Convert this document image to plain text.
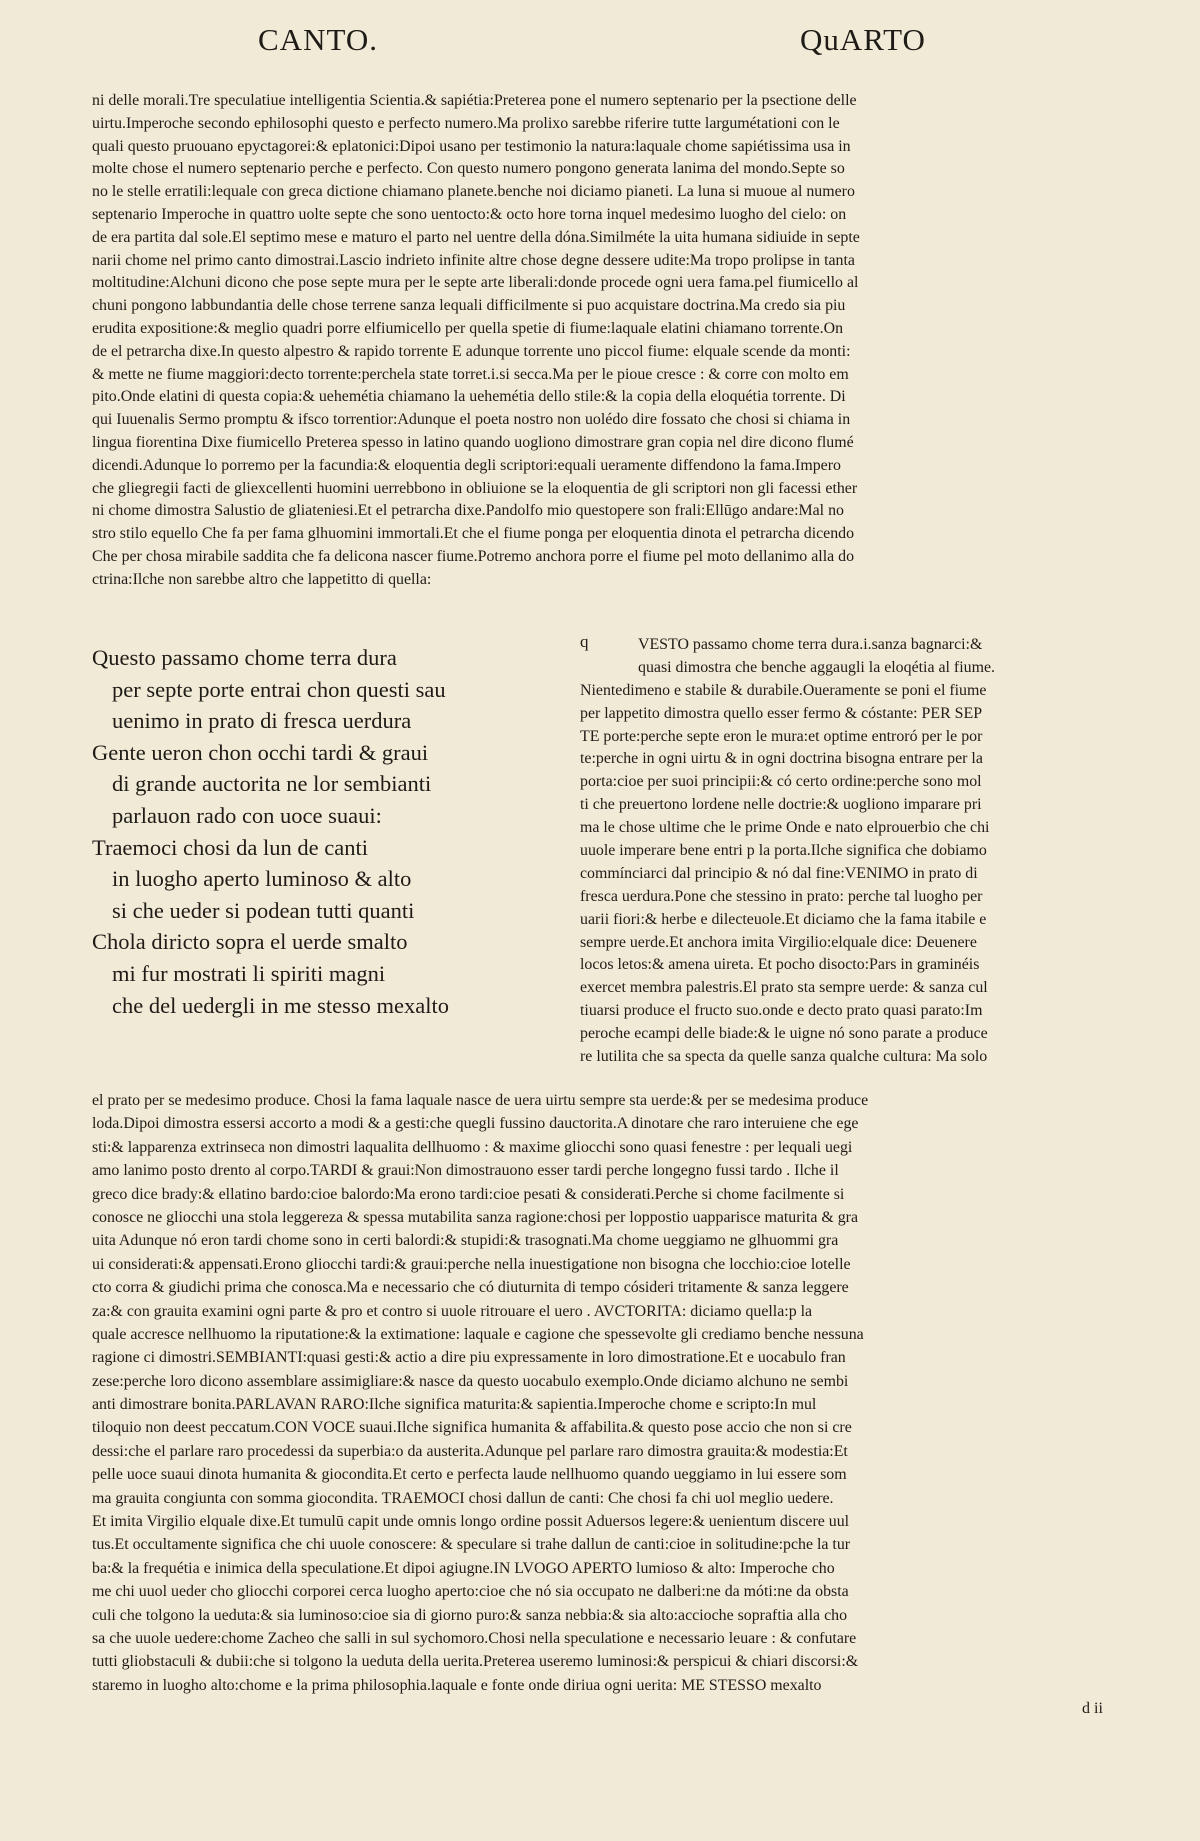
CANTO.	QuARTO
ni delle morali.Tre speculatiue intelligentia Scientia.& sapiétia:Preterea pone el numero septenario per la psectione delle
uirtu.Imperoche secondo ephilosophi questo e perfecto numero.Ma prolixo sarebbe riferire tutte largumétationi con le
quali questo pruouano epyctagorei:& eplatonici:Dipoi usano per testimonio la natura:laquale chome sapiétissima usa in
molte chose el numero septenario perche e perfecto. Con questo numero pongono generata lanima del mondo.Septe so
no le stelle erratili:lequale con greca dictione chiamano planete.benche noi diciamo pianeti. La luna si muoue al numero
septenario Imperoche in quattro uolte septe che sono uentocto:& octo hore torna inquel medesimo luogho del cielo: on
de era partita dal sole.El septimo mese e maturo el parto nel uentre della dóna.Similméte la uita humana sidiuide in septe
narii chome nel primo canto dimostrai.Lascio indrieto infinite altre chose degne dessere udite:Ma tropo prolipse in tanta
moltitudine:Alchuni dicono che pose septe mura per le septe arte liberali:donde procede ogni uera fama.pel fiumicello al
chuni pongono labbundantia delle chose terrene sanza lequali difficilmente si puo acquistare doctrina.Ma credo sia piu
erudita expositione:& meglio quadri porre elfiumicello per quella spetie di fiume:laquale elatini chiamano torrente.On
de el petrarcha dixe.In questo alpestro & rapido torrente E adunque torrente uno piccol fiume: elquale scende da monti:
& mette ne fiume maggiori:decto torrente:perchela state torret.i.si secca.Ma per le pioue cresce : & corre con molto em
pito.Onde elatini di questa copia:& uehemétia chiamano la uehemétia dello stile:& la copia della eloquétia torrente. Di
qui Iuuenalis Sermo promptu & ifsco torrentior:Adunque el poeta nostro non uolédo dire fossato che chosi si chiama in
lingua fiorentina Dixe fiumicello Preterea spesso in latino quando uogliono dimostrare gran copia nel dire dicono flumé
dicendi.Adunque lo porremo per la facundia:& eloquentia degli scriptori:equali ueramente diffendono la fama.Impero
che gliegregii facti de gliexcellenti huomini uerrebbono in obliuione se la eloquentia de gli scriptori non gli facessi ether
ni chome dimostra Salustio de gliateniesi.Et el petrarcha dixe.Pandolfo mio questopere son frali:Ellūgo andare:Mal no
stro stilo equello Che fa per fama glhuomini immortali.Et che el fiume ponga per eloquentia dinota el petrarcha dicendo
Che per chosa mirabile saddita che fa delicona nascer fiume.Potremo anchora porre el fiume pel moto dellanimo alla do
ctrina:Ilche non sarebbe altro che lappetitto di quella:
Questo passamo chome terra dura
per septe porte entrai chon questi sau
uenimo in prato di fresca uerdura
Gente ueron chon occhi tardi & graui
di grande auctorita ne lor sembianti
parlauon rado con uoce suaui:
Traemoci chosi da lun de canti
in luogho aperto luminoso & alto
si che ueder si podean tutti quanti
Chola diricto sopra el uerde smalto
mi fur mostrati li spiriti magni
che del uedergli in me stesso mexalto
q	VESTO passamo chome terra dura.i.sanza bagnarci:&
quasi dimostra che benche aggaugli la eloqétia al fiume.
Nientedimeno e stabile & durabile.Oueramente se poni el fiume
per lappetito dimostra quello esser fermo & cóstante: PER SEP
TE porte:perche septe eron le mura:et optime entroró per le por
te:perche in ogni uirtu & in ogni doctrina bisogna entrare per la
porta:cioe per suoi principii:& có certo ordine:perche sono mol
ti che preuertono lordene nelle doctrie:& uogliono imparare pri
ma le chose ultime che le prime Onde e nato elprouerbio che chi
uuole imperare bene entri p la porta.Ilche significa che dobiamo
commínciarci dal principio & nó dal fine:VENIMO in prato di
fresca uerdura.Pone che stessino in prato: perche tal luogho per
uarii fiori:& herbe e dilecteuole.Et diciamo che la fama itabile e
sempre uerde.Et anchora imita Virgilio:elquale dice: Deuenere
locos letos:& amena uireta. Et pocho disocto:Pars in graminéis
exercet membra palestris.El prato sta sempre uerde: & sanza cul
tiuarsi produce el fructo suo.onde e decto prato quasi parato:Im
peroche ecampi delle biade:& le uigne nó sono parate a produce
re lutilita che sa specta da quelle sanza qualche cultura: Ma solo
el prato per se medesimo produce. Chosi la fama laquale nasce de uera uirtu sempre sta uerde:& per se medesima produce
loda.Dipoi dimostra essersi accorto a modi & a gesti:che quegli fussino dauctorita.A dinotare che raro interuiene che ege
sti:& lapparenza extrinseca non dimostri laqualita dellhuomo : & maxime gliocchi sono quasi fenestre : per lequali uegi
amo lanimo posto drento al corpo.TARDI & graui:Non dimostrauono esser tardi perche longegno fussi tardo . Ilche il
greco dice brady:& ellatino bardo:cioe balordo:Ma erono tardi:cioe pesati & considerati.Perche si chome facilmente si
conosce ne gliocchi una stola leggereza & spessa mutabilita sanza ragione:chosi per loppostio uapparisce maturita & gra
uita Adunque nó eron tardi chome sono in certi balordi:& stupidi:& trasognati.Ma chome ueggiamo ne glhuommi gra
ui considerati:& appensati.Erono gliocchi tardi:& graui:perche nella inuestigatione non bisogna che locchio:cioe lotelle
cto corra & giudichi prima che conosca.Ma e necessario che có diuturnita di tempo cósideri tritamente & sanza leggere
za:& con grauita examini ogni parte & pro et contro si uuole ritrouare el uero . AVCTORITA: diciamo quella:p la
quale accresce nellhuomo la riputatione:& la extimatione: laquale e cagione che spessevolte gli crediamo benche nessuna
ragione ci dimostri.SEMBIANTI:quasi gesti:& actio a dire piu expressamente in loro dimostratione.Et e uocabulo fran
zese:perche loro dicono assemblare assimigliare:& nasce da questo uocabulo exemplo.Onde diciamo alchuno ne sembi
anti dimostrare bonita.PARLAVAN RARO:Ilche significa maturita:& sapientia.Imperoche chome e scripto:In mul
tiloquio non deest peccatum.CON VOCE suaui.Ilche significa humanita & affabilita.& questo pose accio che non si cre
dessi:che el parlare raro procedessi da superbia:o da austerita.Adunque pel parlare raro dimostra grauita:& modestia:Et
pelle uoce suaui dinota humanita & giocondita.Et certo e perfecta laude nellhuomo quando ueggiamo in lui essere som
ma grauita congiunta con somma giocondita. TRAEMOCI chosi dallun de canti: Che chosi fa chi uol meglio uedere.
Et imita Virgilio elquale dixe.Et tumulū capit unde omnis longo ordine possit Aduersos legere:& uenientum discere uul
tus.Et occultamente significa che chi uuole conoscere: & speculare si trahe dallun de canti:cioe in solitudine:pche la tur
ba:& la frequétia e inimica della speculatione.Et dipoi agiugne.IN LVOGO APERTO lumioso & alto: Imperoche cho
me chi uuol ueder cho gliocchi corporei cerca luogho aperto:cioe che nó sia occupato ne dalberi:ne da móti:ne da obsta
culi che tolgono la ueduta:& sia luminoso:cioe sia di giorno puro:& sanza nebbia:& sia alto:accioche sopraftia alla cho
sa che uuole uedere:chome Zacheo che salli in sul sychomoro.Chosi nella speculatione e necessario leuare : & confutare
tutti gliobstaculi & dubii:che si tolgono la ueduta della uerita.Preterea useremo luminosi:& perspicui & chiari discorsi:&
staremo in luogho alto:chome e la prima philosophia.laquale e fonte onde diriua ogni uerita: ME STESSO mexalto
d ii
